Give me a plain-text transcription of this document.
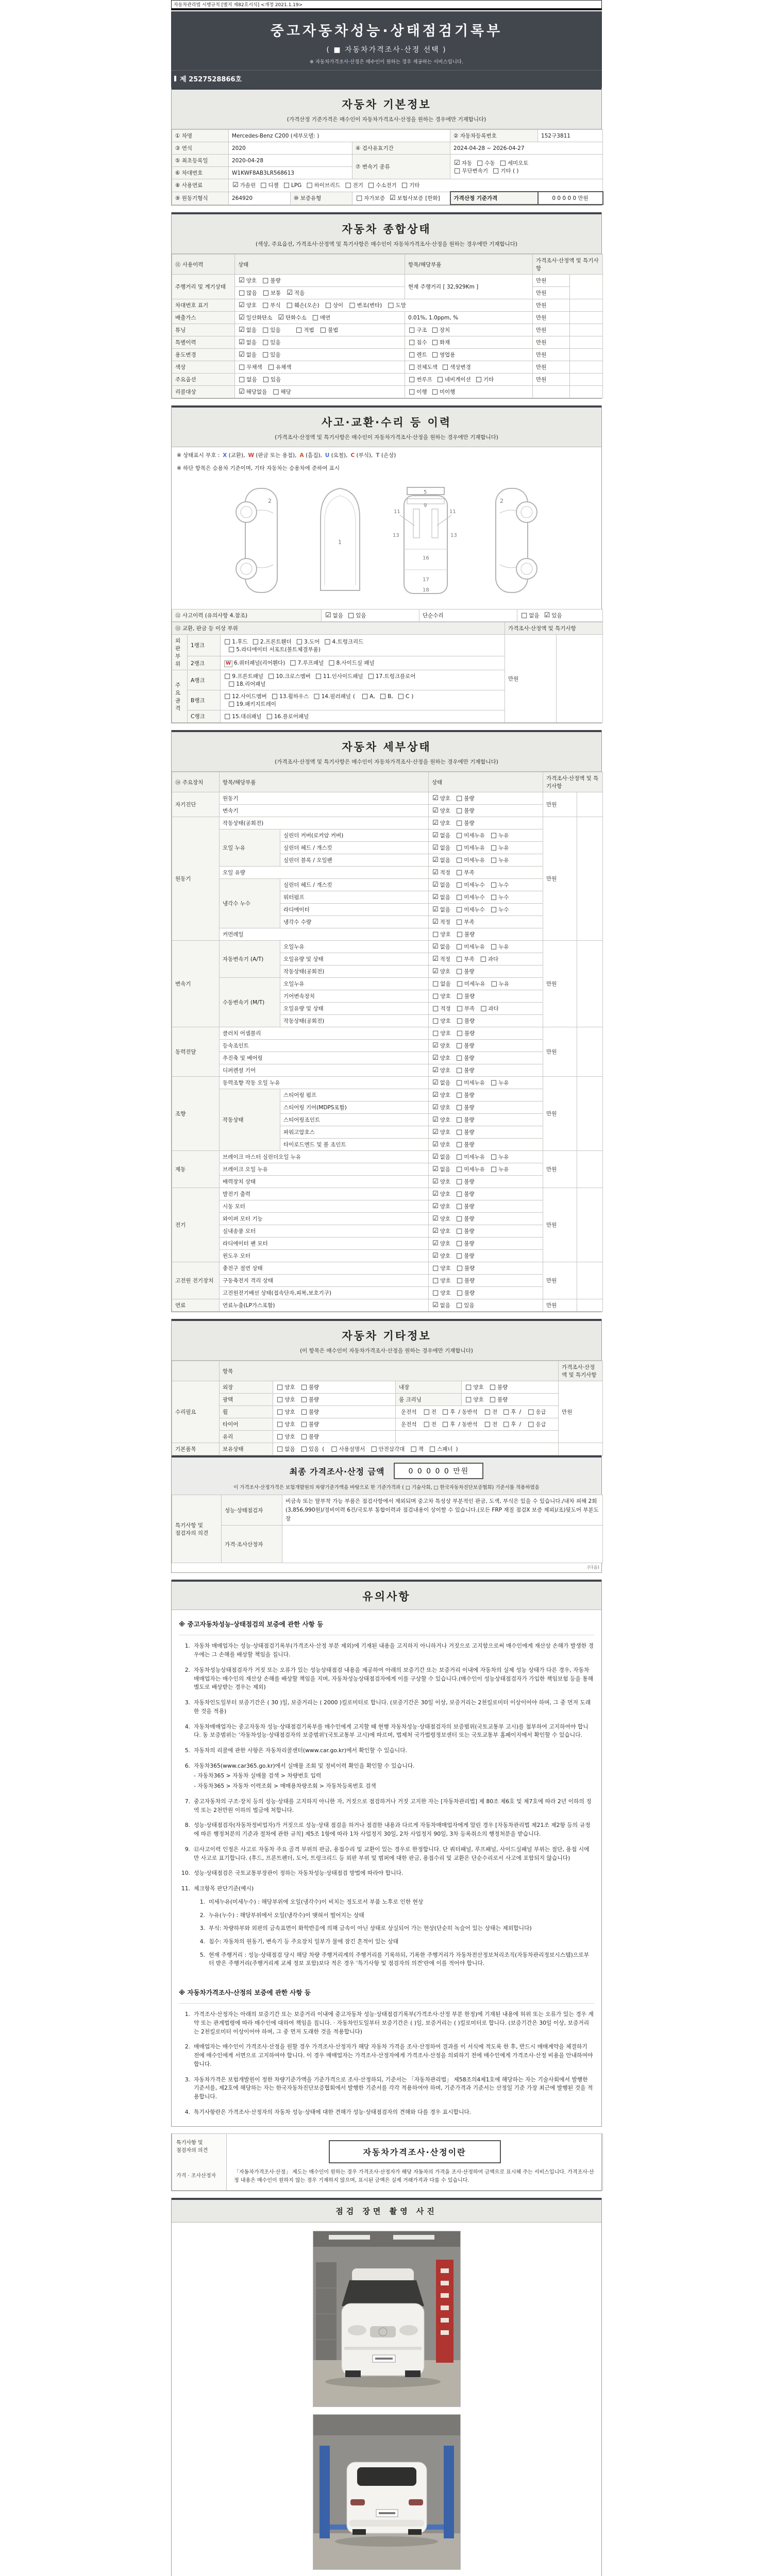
자동차관리법 시행규칙 [별지 제82호서식] <개정 2021.1.19>
중고자동차성능·상태점검기록부
( ■ 자동차가격조사·산정 선택 )
※ 자동차가격조사·산정은 매수인이 원하는 경우 제공하는 서비스입니다.
제 2527528866호
자동차 기본정보
(가격산정 기준가격은 매수인이 자동차가격조사·산정을 원하는 경우에만 기재합니다)
① 차명	Mercedes-Benz C200 (세부모델: )			② 자동차등록번호	152구3811
③ 연식	2020		④ 검사유효기간	2024-04-28 ~ 2026-04-27	
⑤ 최초등록일	2020-04-28		⑦ 변속기 종류	☑ 자동 □ 수동 □ 세미오토
□ 무단변속기 □ 기타 ( )	

⑥ 차대번호	W1KWF8AB3LR568613				
⑧ 사용연료	☑ 가솔린 □ 디젤 □ LPG □ 하이브리드 □ 전기 □ 수소전기 □ 기타				
⑨ 원동기형식	264920	⑩ 보증유형	□ 자가보증 ☑ 보험사보증 [한화]	가격산정 기준가격	0 0 0 0 0 만원
자동차 종합상태
(색상, 주요옵션, 가격조사·산정액 및 특기사항은 매수인이 자동차가격조사·산정을 원하는 경우에만 기재합니다)
⑪ 사용이력	상태	항목/해당부품	가격조사·산정액 및 특기사항	
주행거리 및 계기상태	☑ 양호 □ 불량	현재 주행거리 [ 32,929Km ]	만원	
	□ 많음 □ 보통 ☑ 적음		만원	
차대번호 표기	☑ 양호 □ 부식 □ 훼손(오손) □ 상이 □ 변조(변타) □ 도말		만원	
배출가스	☑ 일산화탄소 ☑ 탄화수소 □ 매연	0.01%, 1.0ppm, %	만원	
튜닝	☑ 없음 □ 있음　 □ 적법 □ 불법	□ 구조 □ 장치	만원	
특별이력	☑ 없음 □ 있음	□ 침수 □ 화재	만원	
용도변경	☑ 없음 □ 있음	□ 렌트 □ 영업용	만원	
색상	□ 무채색 □ 유채색	□ 전체도색 □ 색상변경	만원	
주요옵션	□ 없음 □ 있음	□ 썬루프 □ 네비게이션 □ 기타	만원	
리콜대상	☑ 해당없음 □ 해당	□ 이행 □ 미이행		
사고·교환·수리 등 이력
(가격조사·산정액 및 특기사항은 매수인이 자동차가격조사·산정을 원하는 경우에만 기재합니다)
※ 상태표시 부호 : X (교환), W (판금 또는 용접), A (흠집), U (요철), C (부식), T (손상)
※ 하단 항목은 승용차 기준이며, 기타 자동차는 승용차에 준하여 표시
2
1
5
9
11	11
13	13
16
17
18
2
⑫ 사고이력 (유의사항 4.참조)	☑ 없음 □ 있음	단순수리	□ 없음 ☑ 있음
⑬ 교환, 판금 등 이상 부위			가격조사·산정액 및 특기사항	
외판부위	1랭크	□ 1.후드 □ 2.프론트휀더 □ 3.도어 □ 4.트렁크리드
□ 5.라디에이터 서포트(볼트체결부품)	만원	
	2랭크	W 6.쿼터패널(리어휀다) □ 7.루프패널 □ 8.사이드실 패널		
주요골격	A랭크	□ 9.프론트패널 □ 10.크로스멤버 □ 11.인사이드패널 □ 17.트렁크플로어
□ 18.리어패널		
	B랭크	□ 12.사이드멤버 □ 13.휠하우스 □ 14.필러패널 ( □ A, □ B, □ C )
□ 19.패키지트레이		
	C랭크	□ 15.대쉬패널 □ 16.플로어패널		
자동차 세부상태
(가격조사·산정액 및 특기사항은 매수인이 자동차가격조사·산정을 원하는 경우에만 기재합니다)
⑭ 주요장치	항목/해당부품		상태	가격조사·산정액 및 특기사항	
자기진단	원동기		☑ 양호 □ 불량	만원	
	변속기		☑ 양호 □ 불량		
원동기	작동상태(공회전)		☑ 양호 □ 불량	만원	
	오일 누유	실린더 커버(로커암 커버)	☑ 없음 □ 미세누유 □ 누유		
		실린더 헤드 / 개스킷	☑ 없음 □ 미세누유 □ 누유		
		실린더 블록 / 오일팬	☑ 없음 □ 미세누유 □ 누유		
	오일 유량		☑ 적정 □ 부족		
	냉각수 누수	실린더 헤드 / 개스킷	☑ 없음 □ 미세누수 □ 누수		
		워터펌프	☑ 없음 □ 미세누수 □ 누수		
		라디에이터	☑ 없음 □ 미세누수 □ 누수		
		냉각수 수량	☑ 적정 □ 부족		
	커먼레일		□ 양호 □ 불량		
변속기	자동변속기 (A/T)	오일누유	☑ 없음 □ 미세누유 □ 누유	만원	
		오일유량 및 상태	☑ 적정 □ 부족 □ 과다		
		작동상태(공회전)	☑ 양호 □ 불량		
	수동변속기 (M/T)	오일누유	□ 없음 □ 미세누유 □ 누유		
		기어변속장치	□ 양호 □ 불량		
		오일유량 및 상태	□ 적정 □ 부족 □ 과다		
		작동상태(공회전)	□ 양호 □ 불량		
동력전달	클러치 어셈블리		□ 양호 □ 불량	만원	
	등속조인트		☑ 양호 □ 불량		
	추진축 및 베어링		☑ 양호 □ 불량		
	디퍼렌셜 기어		☑ 양호 □ 불량		
조향	동력조향 작동 오일 누유		☑ 없음 □ 미세누유 □ 누유	만원	
	작동상태	스티어링 펌프	☑ 양호 □ 불량		
		스티어링 기어(MDPS포함)	☑ 양호 □ 불량		
		스티어링조인트	☑ 양호 □ 불량		
		파워고압호스	☑ 양호 □ 불량		
		타이로드엔드 및 볼 조인트	☑ 양호 □ 불량		
제동	브레이크 마스터 실린더오일 누유		☑ 없음 □ 미세누유 □ 누유	만원	
	브레이크 오일 누유		☑ 없음 □ 미세누유 □ 누유		
	배력장치 상태		☑ 양호 □ 불량		
전기	발전기 출력		☑ 양호 □ 불량	만원	
	시동 모터		☑ 양호 □ 불량		
	와이퍼 모터 기능		☑ 양호 □ 불량		
	실내송풍 모터		☑ 양호 □ 불량		
	라디에이터 팬 모터		☑ 양호 □ 불량		
	윈도우 모터		☑ 양호 □ 불량		
고전원 전기장치	충전구 절연 상태		□ 양호 □ 불량	만원	
	구동축전지 격리 상태		□ 양호 □ 불량		
	고전원전기배선 상태(접속단자,피복,보호기구)		□ 양호 □ 불량		
연료	연료누출(LP가스포함)		☑ 없음 □ 있음	만원	
자동차 기타정보
(이 항목은 매수인이 자동차가격조사·산정을 원하는 경우에만 기재합니다)
	항목				가격조사·산정액 및 특기사항
수리필요	외장	□ 양호 □ 불량	내장	□ 양호 □ 불량	만원
	광택	□ 양호 □ 불량	룸 크리닝	□ 양호 □ 불량	
	휠	□ 양호 □ 불량	운전석 □ 전 □ 후 / 동반석 □ 전 □ 후 / □ 응급		
	타이어	□ 양호 □ 불량	운전석 □ 전 □ 후 / 동반석 □ 전 □ 후 / □ 응급		
	유리	□ 양호 □ 불량			
기본품목	보유상태	□ 없음 □ 있음 ( □ 사용설명서 □ 안전삼각대 □ 잭 □ 스패너 )			
최종 가격조사·산정 금액	0 0 0 0 0 만원
이 가격조사·산정가격은 보험개발원의 차량기준가액을 바탕으로 한 기준가격과 ( □ 기술사회, □ 한국자동차진단보증협회) 기준서를 적용하였음
특기사항 및
점검자의 의견	성능·상태점검자	비금속 또는 탈부착 가능 부품은 점검사항에서 제외되며 중고차 특성상 부분적인 판금, 도색, 부식은 있을 수 있습니다./내차 피해 2회 (3,856,990원)/정비이력 6건/국토부 통합이력과 점검내용이 상이할 수 있습니다.(모든 FRP 재질 점검X 보증 제외)/조)뒷도어 부분도장
	가격·조사산정자	
(다음)
유의사항
※ 중고자동차성능·상태점검의 보증에 관한 사항 등
1. 자동차 매매업자는 성능·상태점검기록부(가격조사·산정 부분 제외)에 기재된 내용을 고지하지 아니하거나 거짓으로 고지함으로써 매수인에게 재산상 손해가 발생한 경우에는 그 손해를 배상할 책임을 집니다.
2. 자동차성능상태점검자가 거짓 또는 오류가 있는 성능상태점검 내용을 제공하여 아래의 보증기간 또는 보증거리 이내에 자동차의 실제 성능 상태가 다른 경우, 자동차매매업자는 매수인의 재산상 손해를 배상할 책임을 지며, 자동차성능상태점검자에게 이를 구상할 수 있습니다.(매수인이 성능상태점검자가 가입한 책임보험 등을 통해 별도로 배상받는 경우는 제외)
3. 자동차인도일부터 보증기간은 ( 30 )일, 보증거리는 ( 2000 )킬로미터로 합니다. (보증기간은 30일 이상, 보증거리는 2천킬로미터 이상이어야 하며, 그 중 먼저 도래한 것을 적용)
4. 자동차매매업자는 중고자동차 성능·상태점검기록부를 매수인에게 고지할 때 현행 자동차성능·상태점검자의 보증범위(국토교통부 고시)를 첨부하여 고지하여야 합니다. 동 보증범위는 '자동차성능·상태점검자의 보증범위'(국토교통부 고시)에 따르며, 법제처 국가법령정보센터 또는 국토교통부 홈페이지에서 확인할 수 있습니다.
5. 자동차의 리콜에 관한 사항은 자동차리콜센터(www.car.go.kr)에서 확인할 수 있습니다.
6. 자동차365(www.car365.go.kr)에서 실매물 조회 및 정비이력 확인을 확인할 수 있습니다.
- 자동차365 > 자동차 실매물 검색 > 차량번호 입력
- 자동차365 > 자동차 이력조회 > 매매용차량조회 > 자동차등록번호 검색
7. 중고자동차의 구조·장치 등의 성능·상태를 고지하지 아니한 자, 거짓으로 점검하거나 거짓 고지한 자는 [자동차관리법] 제 80조 제6호 및 제7호에 따라 2년 이하의 징역 또는 2천만원 이하의 벌금에 처합니다.
8. 성능·상태점검자(자동차정비업자)가 거짓으로 성능·상태 점검을 하거나 점검한 내용과 다르게 자동차매매업자에게 알린 경우 [자동차관리법 제21조 제2항 등의 규정에 따른 행정처분의 기준과 절차에 관한 규칙] 제5조 1항에 따라 1차 사업정지 30일, 2차 사업정지 90일, 3차 등록취소의 행정처분을 받습니다.
9. ⑫사고이력 인정은 사고로 자동차 주요 골격 부위의 판금, 용접수리 및 교환이 있는 경우로 한정합니다. 단 쿼터패널, 루프패널, 사이드실패널 부위는 절단, 용접 시에만 사고로 표기합니다. (후드, 프론트펜더, 도어, 트렁크리드 등 외판 부위 및 범퍼에 대한 판금, 용접수리 및 교환은 단순수리로서 사고에 포함되지 않습니다)
10. 성능·상태점검은 국토교통부장관이 정하는 자동차성능·상태점검 방법에 따라야 합니다.
11. 체크항목 판단기준(예시)
1. 미세누유(미세누수) : 해당부위에 오일(냉각수)이 비치는 정도로서 부품 노후로 인한 현상
2. 누유(누수) : 해당부위에서 오일(냉각수)이 맺혀서 떨어지는 상태
3. 부식: 차량하부와 외판의 금속표면이 화학반응에 의해 금속이 아닌 상태로 상실되어 가는 현상(단순히 녹슬어 있는 상태는 제외합니다)
4. 침수: 자동차의 원동기, 변속기 등 주요장치 일부가 물에 잠긴 흔적이 있는 상태
5. 현재 주행거리 : 성능·상태점검 당시 해당 차량 주행거리계의 주행거리를 기록하되, 기록한 주행거리가 자동차전산정보처리조직(자동차관리정보시스템)으로부터 받은 주행거리(주행거리계 교체 정보 포함)보다 적은 경우 '특기사항 및 점검자의 의견'란에 이를 적어야 합니다.
※ 자동차가격조사·산정의 보증에 관한 사항 등
1. 가격조사·산정자는 아래의 보증기간 또는 보증거리 이내에 중고자동차 성능·상태점검기록부(가격조사·산정 부분 한정)에 기재된 내용에 허위 또는 오류가 있는 경우 계약 또는 관계법령에 따라 매수인에 대하여 책임을 집니다. · 자동차인도일부터 보증기간은 ( )일, 보증거리는 ( )킬로미터로 합니다. (보증기간은 30일 이상, 보증거리는 2천킬로미터 이상이어야 하며, 그 중 먼저 도래한 것을 적용합니다)
2. 매매업자는 매수인이 가격조사·산정을 원할 경우 가격조사·산정자가 해당 자동차 가격을 조사·산정하여 결과를 이 서식에 적도록 한 후, 반드시 매매계약을 체결하기 전에 매수인에게 서면으로 고지하여야 합니다. 이 경우 매매업자는 가격조사·산정자에게 가격조사·산정을 의뢰하기 전에 매수인에게 가격조사·산정 비용을 안내하여야 합니다.
3. 자동차가격은 보험개발원이 정한 차량기준가액을 기준가격으로 조사·산정하되, 기준서는 「자동차관리법」 제58조의4제1호에 해당하는 자는 기술사회에서 발행한 기준서를, 제2호에 해당하는 자는 한국자동차진단보증협회에서 발행한 기준서를 각각 적용하여야 하며, 기준가격과 기준서는 산정일 기준 가장 최근에 발행된 것을 적용합니다.
4. 특기사항란은 가격조사·산정자의 자동차 성능·상태에 대한 견해가 성능·상태점검자의 견해와 다를 경우 표시합니다.
특기사항 및
점검자의 의견
가격 · 조사산정자

자동차가격조사·산정이란
「자동차가격조사·산정」 제도는 매수인이 원하는 경우 가격조사·산정자가 해당 자동차의 가격을 조사·산정하여 금액으로 표시해 주는 서비스입니다. 가격조사·산정 내용은 매수인이 원하지 않는 경우 기재하지 않으며, 표시된 금액은 실제 거래가격과 다를 수 있습니다.
점검 장면 촬영 사진
